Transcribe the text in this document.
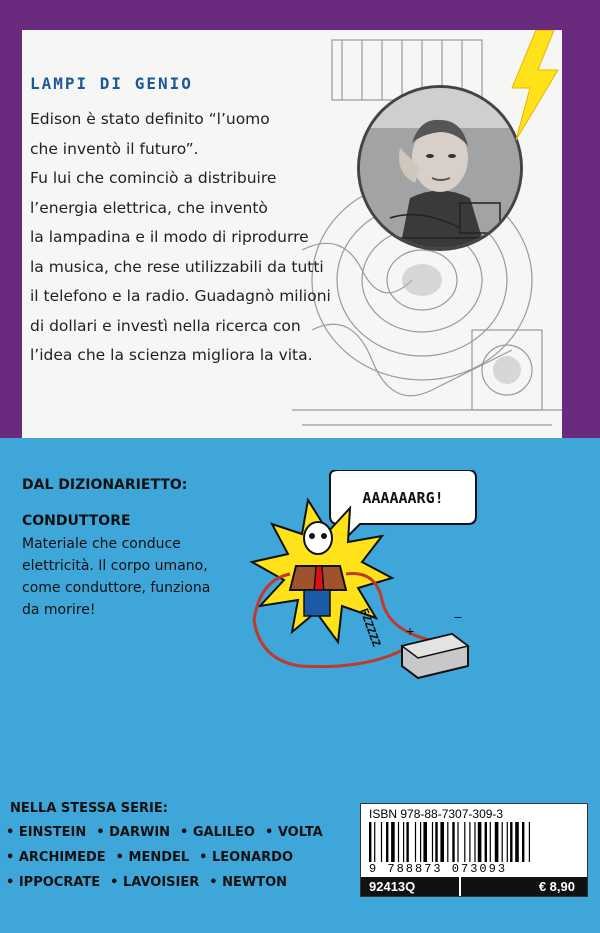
LAMPI DI GENIO
Edison è stato definito “l’uomo
che inventò il futuro”.
Fu lui che cominciò a distribuire
l’energia elettrica, che inventò
la lampadina e il modo di riprodurre
la musica, che rese utilizzabili da tutti
il telefono e la radio. Guadagnò milioni
di dollari e investì nella ricerca con
l’idea che la scienza migliora la vita.
DAL DIZIONARIETTO:
CONDUTTORE
Materiale che conduce
elettricità. Il corpo umano,
come conduttore, funziona
da morire!
AAAAAARG!
FZZZZZ +
−
NELLA STESSA SERIE:
• EINSTEIN	• DARWIN	• GALILEO	• VOLTA
• ARCHIMEDE	• MENDEL	• LEONARDO
• IPPOCRATE	• LAVOISIER	• NEWTON
ISBN 978-88-7307-309-3
9 788873 073093
92413Q	€ 8,90
